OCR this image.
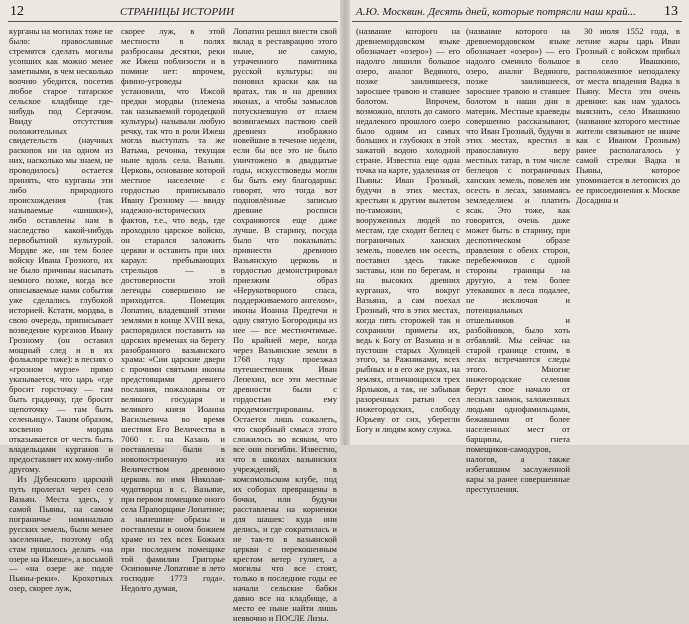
12	СТРАНИЦЫ ИСТОРИИ	А.Ю. Москвин. Десять дней, которые потрясли наш край... 13

курганы на могилах тоже не было: православные стремятся сделать могилы усопших как можно менее заметными, в чем несколько воочию убедится, посетив любое старое татарское сельское кладбище где-нибудь под Сергачом. Ввиду отсутствия положительных свидетельств (научных раскопок ни на одном из них, насколько мы знаем, не проводилось) остается принять, что курганы эти либо природного происхождения (так называемые «шишки»), либо оставлены нам в наследство какой-нибудь первобытной культурой. Мордве же, ни тем более войску Ивана Грозного, их не было причины насыпать немного позже, когда все описываемые нами события уже сделались глубокой историей. Кстати, мордва, в свою очередь, приписывает возведение курганов Ивану Грозному (он оставил мощный след и в их фольклоре тоже): в песнях о «грозном мурзе» прямо указывается, что царь «где бросит горсточку — там быть градичку, где бросит щепоточку — там быть селеньицу». Таким образом, косвенно мордва отказывается от честь быть владельцами курганов и предоставляет их кому-либо другому.

Из Дубенского царский путь пролегал через село Вазьян. Места здесь, у самой Пьяны, на самом пограничье номинально русских земель, были менее заселенные, поэтому обд стам пришлось делать «на озере на Ижеше», а восьмой — «на озере же подле Пьяны-реки». Крохотных озер, скорее луж,

скорее луж, в этой местности в полях разбросаны десятки, реки же Ижеш поблизости и в помине нет: впрочем, финно-угроведы установили, что Ижсой предки мордвы (племена так называемой городецкой культуры) называли любую речку, так что в роли Ижеш могла выступать та же Ватьма, речонка, текущая ныне вдоль села. Вазьян. Церковь, основание которой местное население с гордостью приписывало Ивану Грозному — ввиду надежно-исторических фактов, т.е., что ведь, где проходило царское войско, он старался заложить церкви и оставить при них караул: пребывающих стрельцов — в достоверности этой легенды совершенно не приходится. Помещик Лопатин, владевший этими землями в конце XVIII века, распорядился поставить на царских временах на берегу разобранного вазьянского храма: «Сии царские двери с прочими святыми иконы предстоящими древнего послания, пожалованы от великого государя и великого князя Иоанна Васильевича во время шествия Его Величества в 7060 г. на Казань и поставлены были в новопостроенную их Величеством древнюю церковь во имя Николая-чудотворца в с. Вазьяне, при первом помещике оного села Прапорщике Лопатине; а нынешние образы и поставлены в оном божием храме из тех всех Божьих при последнем помещике той фамилии Григорье Осиповиче Лопатине в лето господне 1773 года». Недолго думая,

Лопатин решил внести свой вклад в реставрацию этого ныне, не самую, утраченного памятника русской культуры: он поновил краски как на вратах, так и на древних иконах, а чтобы замыслов потускневшую от плаем возвигаемых паствою свей древнеиз изображно новейшие в течение недели, если бы все это не было уничтожено в двадцатые годы, искусствоведы могли бы быть ему благодарны: говорят, что тогда вот подновлённые записью древние росписи сохраняются еще даже лучше. В старину, посуда было что показывать: привнести древнюю Вазьянскую церковь и гордостью демонстрировал приезжим образ «Нерукотворного спаса, поддерживаемого ангелом», иконы Иоанна Предтечи и одну святую Богородицы из нее — все местночтимые. По крайней мере, когда через Вазьянские земли в 1768 году проезжал путешественник Иван Лепехин, все эти местные древности были с гордостью ему продемонстрированы. Остается лишь сожалеть, что скорбный смысл этого сложилось во всяком, что все они погибли. Известно, что в школах вазьянских учреждений, в комсомольском клубе, под их соборах превращены в бочки, или будучи расставлены на корнеики для шашек: куда они делись, и где сократилась и не так-то в вазьянской церкви с перекошенным крестом ветер гуляет, а могилы что все стоят, только в последние годы ее начали сельские бабки давно все на кладбище, а место ее ныне найти лишь неявочно и ПОСЛЕ Лизы.

(название которого на древнемордовском языке обозначает «озеро») — его надолго лишили большое озеро, аналог Ведяного, позже заилившееся, заросшее травою и ставшее болотом. Впрочем, возможно, вплоть до самого недалекого прошлого озеро было одним из самых больших и глубоких в этой зажатой водою холодной стране. Известна еще одна точка на карте, удаленная от Пьяны: Иван Грозный, будучи в этих местах, крестьян к другим вылетом по-таможни, с вооруженных людей по местам, где сходит беглец с пограничных ханских земель, повелев им осесть, поставил здесь также заставы, или по берегам, и на высоких древних курганах, что вокруг Вазьяна, а сам поехал Грозный, что в этих местах, когда пять сторожей так и сохранили приметы их, ведь к Богу от Вазьяна и в пустоши старых Хулицей этого, за Ражниками, всех рыбных и в его же руках, на землях, отличающихся трех Ярлыков, а так, не забывая разоренных ратью сел нижегородских, слободу Юрьеву от сих, уберегли Богу и людям кому служа.

(название которого на древнемордовском языке обозначает «озеро») — его надолго сменило большое озеро, аналог Ведяного, позже заилившееся, заросшее травою и ставшее болотом в наши дни в материк. Местные краеведы совершенно рассказывают, что Иван Грозный, будучи в этих местах, крестил в православную веру местных татар, в том числе беглецов с пограничных ханских земель, повелев им осесть в лесах, занимаясь земледелием и платить ясак. Это тоже, как говорится, очень даже может быть: в старину, при деспотическом образе правления с обеих сторон, перебежчиков с одной стороны границы на другую, а тем более утекавших в леса подалее, не исключая и потенциальных отшельников и разбойников, было хоть отбавляй. Мы сейчас на старой границе стоим, в лесах встречаются следы этого. Многие нижегородские селения берут свое начало от лесных заимок, заложенных людьми однофамильцами, бежавшими от более населенных мест от барщины, гнета помещиков-самодуров, налогов, а также избегавшим заслуженной кары за ранее совершенные преступления.

30 июля 1552 года, в летние жары царь Иван Грозный с войском прибыл в село Ивашкино, расположенное неподалеку от места впадения Вадка в Пьяну. Места эти очень древние: как нам удалось выяснить, село Ивашкино (название которого местные жители связывают не иначе как с Иваном Грозным) ранее располагалось у самой стрелки Вадка и Пьяны, которое упоминается в летописях до ее присоединения к Москве Досадина и
